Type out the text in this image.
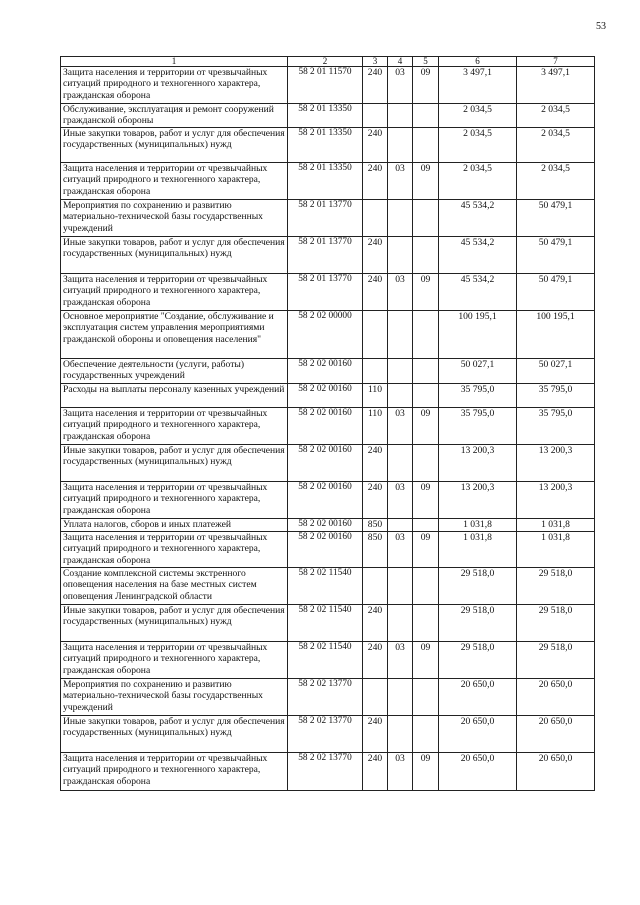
53
1	2	3	4	5	6	7
Защита населения и территории от чрезвычайных ситуаций природного и техногенного характера, гражданская оборона	58 2 01 11570	240	03	09	3 497,1	3 497,1
Обслуживание, эксплуатация и ремонт сооружений гражданской обороны	58 2 01 13350				2 034,5	2 034,5
Иные закупки товаров, работ и услуг для обеспечения государственных (муниципальных) нужд	58 2 01 13350	240			2 034,5	2 034,5
Защита населения и территории от чрезвычайных ситуаций природного и техногенного характера, гражданская оборона	58 2 01 13350	240	03	09	2 034,5	2 034,5
Мероприятия по сохранению и развитию материально-технической базы государственных учреждений	58 2 01 13770				45 534,2	50 479,1
Иные закупки товаров, работ и услуг для обеспечения государственных (муниципальных) нужд	58 2 01 13770	240			45 534,2	50 479,1
Защита населения и территории от чрезвычайных ситуаций природного и техногенного характера, гражданская оборона	58 2 01 13770	240	03	09	45 534,2	50 479,1
Основное мероприятие "Создание, обслуживание и эксплуатация систем управления мероприятиями гражданской обороны и оповещения населения"	58 2 02 00000				100 195,1	100 195,1
Обеспечение деятельности (услуги, работы) государственных учреждений	58 2 02 00160				50 027,1	50 027,1
Расходы на выплаты персоналу казенных учреждений	58 2 02 00160	110			35 795,0	35 795,0
Защита населения и территории от чрезвычайных ситуаций природного и техногенного характера, гражданская оборона	58 2 02 00160	110	03	09	35 795,0	35 795,0
Иные закупки товаров, работ и услуг для обеспечения государственных (муниципальных) нужд	58 2 02 00160	240			13 200,3	13 200,3
Защита населения и территории от чрезвычайных ситуаций природного и техногенного характера, гражданская оборона	58 2 02 00160	240	03	09	13 200,3	13 200,3
Уплата налогов, сборов и иных платежей	58 2 02 00160	850			1 031,8	1 031,8
Защита населения и территории от чрезвычайных ситуаций природного и техногенного характера, гражданская оборона	58 2 02 00160	850	03	09	1 031,8	1 031,8
Создание комплексной системы экстренного оповещения населения на базе местных систем оповещения Ленинградской области	58 2 02 11540				29 518,0	29 518,0
Иные закупки товаров, работ и услуг для обеспечения государственных (муниципальных) нужд	58 2 02 11540	240			29 518,0	29 518,0
Защита населения и территории от чрезвычайных ситуаций природного и техногенного характера, гражданская оборона	58 2 02 11540	240	03	09	29 518,0	29 518,0
Мероприятия по сохранению и развитию материально-технической базы государственных учреждений	58 2 02 13770				20 650,0	20 650,0
Иные закупки товаров, работ и услуг для обеспечения государственных (муниципальных) нужд	58 2 02 13770	240			20 650,0	20 650,0
Защита населения и территории от чрезвычайных ситуаций природного и техногенного характера, гражданская оборона	58 2 02 13770	240	03	09	20 650,0	20 650,0
